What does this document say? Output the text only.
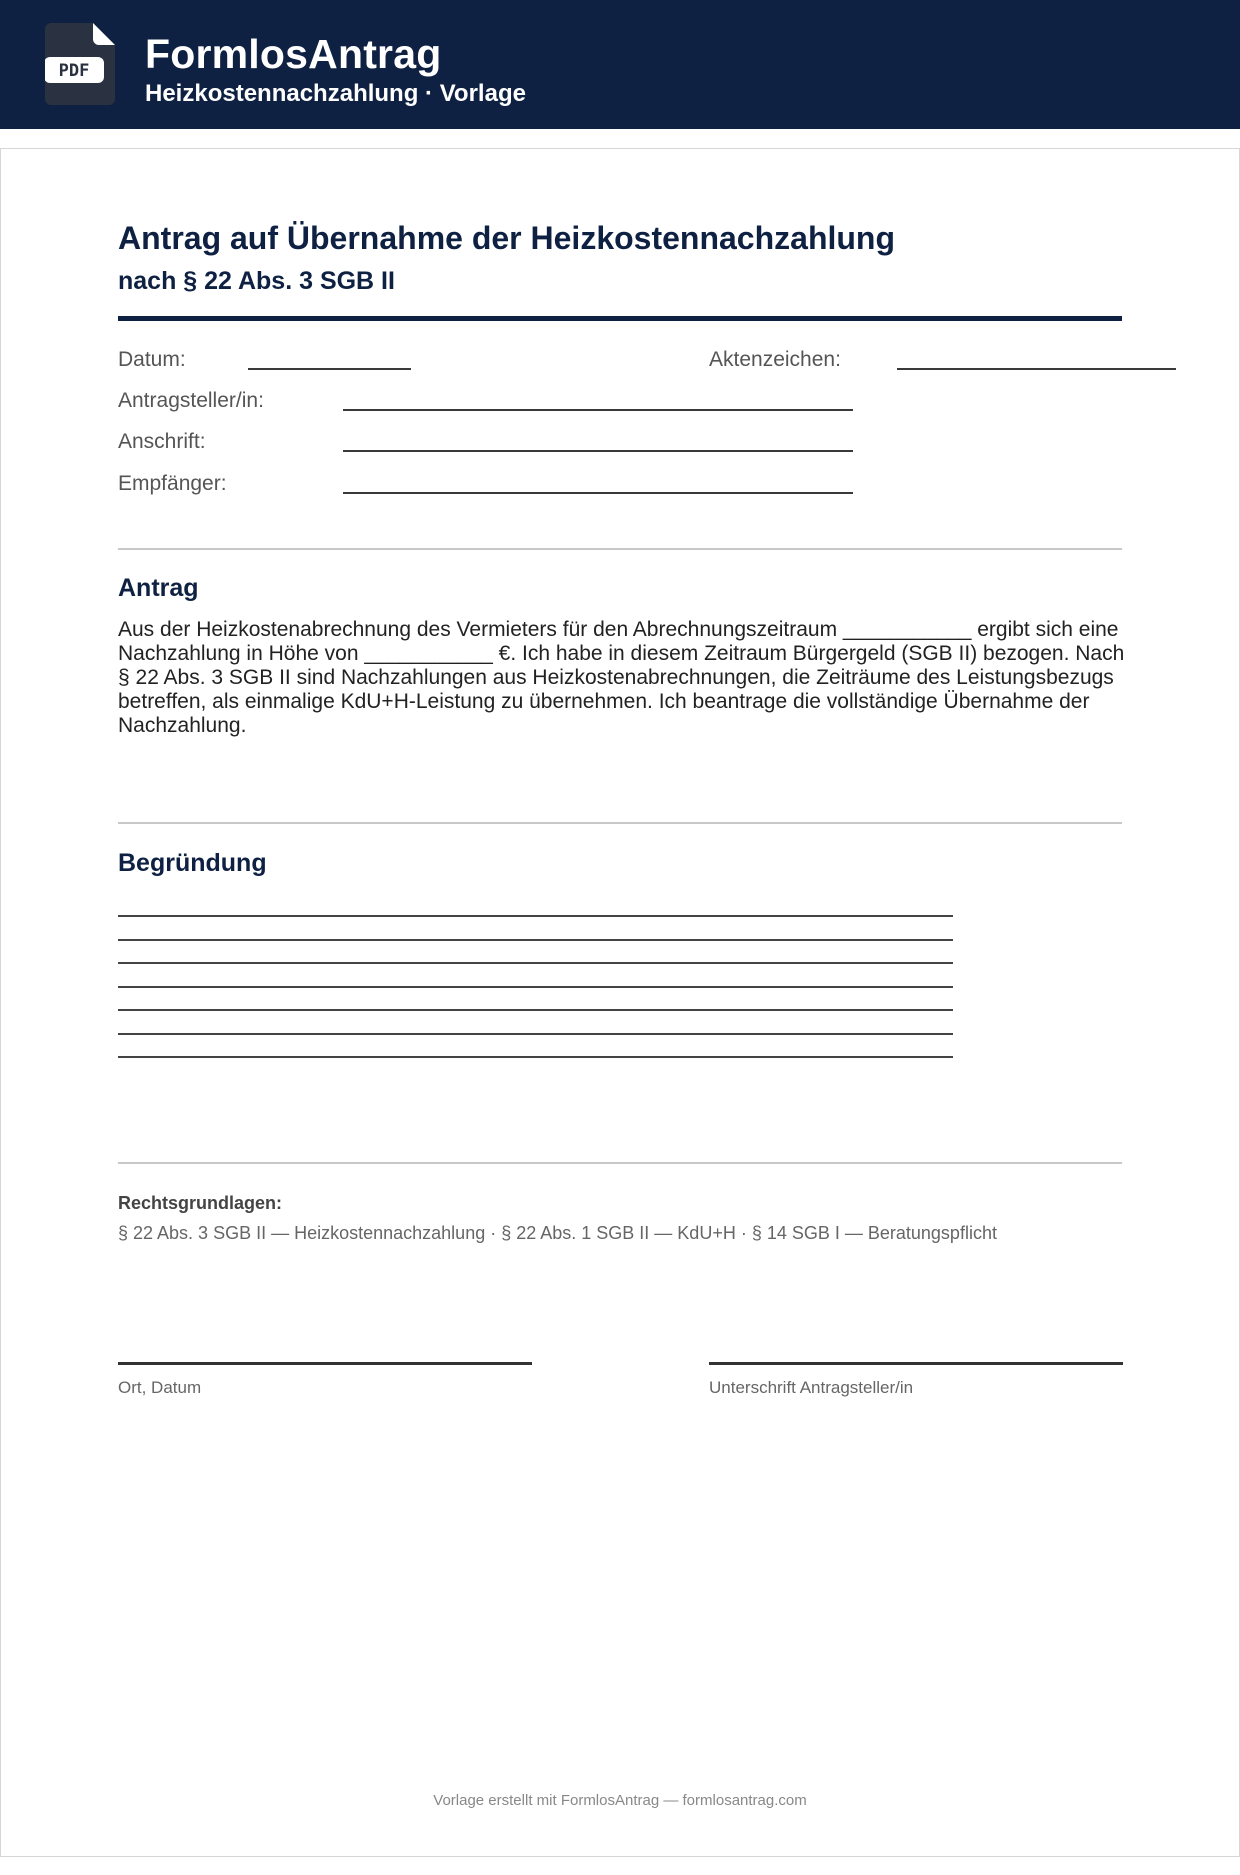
PDF FormlosAntrag
Heizkostennachzahlung · Vorlage
Antrag auf Übernahme der Heizkostennachzahlung
nach § 22 Abs. 3 SGB II
Datum:	Aktenzeichen:
Antragsteller/in:
Anschrift:
Empfänger:
Antrag
Aus der Heizkostenabrechnung des Vermieters für den Abrechnungszeitraum ___________ ergibt sich eine Nachzahlung in Höhe von ___________ €. Ich habe in diesem Zeitraum Bürgergeld (SGB II) bezogen. Nach § 22 Abs. 3 SGB II sind Nachzahlungen aus Heizkostenabrechnungen, die Zeiträume des Leistungsbezugs betreffen, als einmalige KdU+H-Leistung zu übernehmen. Ich beantrage die vollständige Übernahme der Nachzahlung.
Begründung
Rechtsgrundlagen:
§ 22 Abs. 3 SGB II — Heizkostennachzahlung · § 22 Abs. 1 SGB II — KdU+H · § 14 SGB I — Beratungspflicht
Ort, Datum	Unterschrift Antragsteller/in
Vorlage erstellt mit FormlosAntrag — formlosantrag.com
